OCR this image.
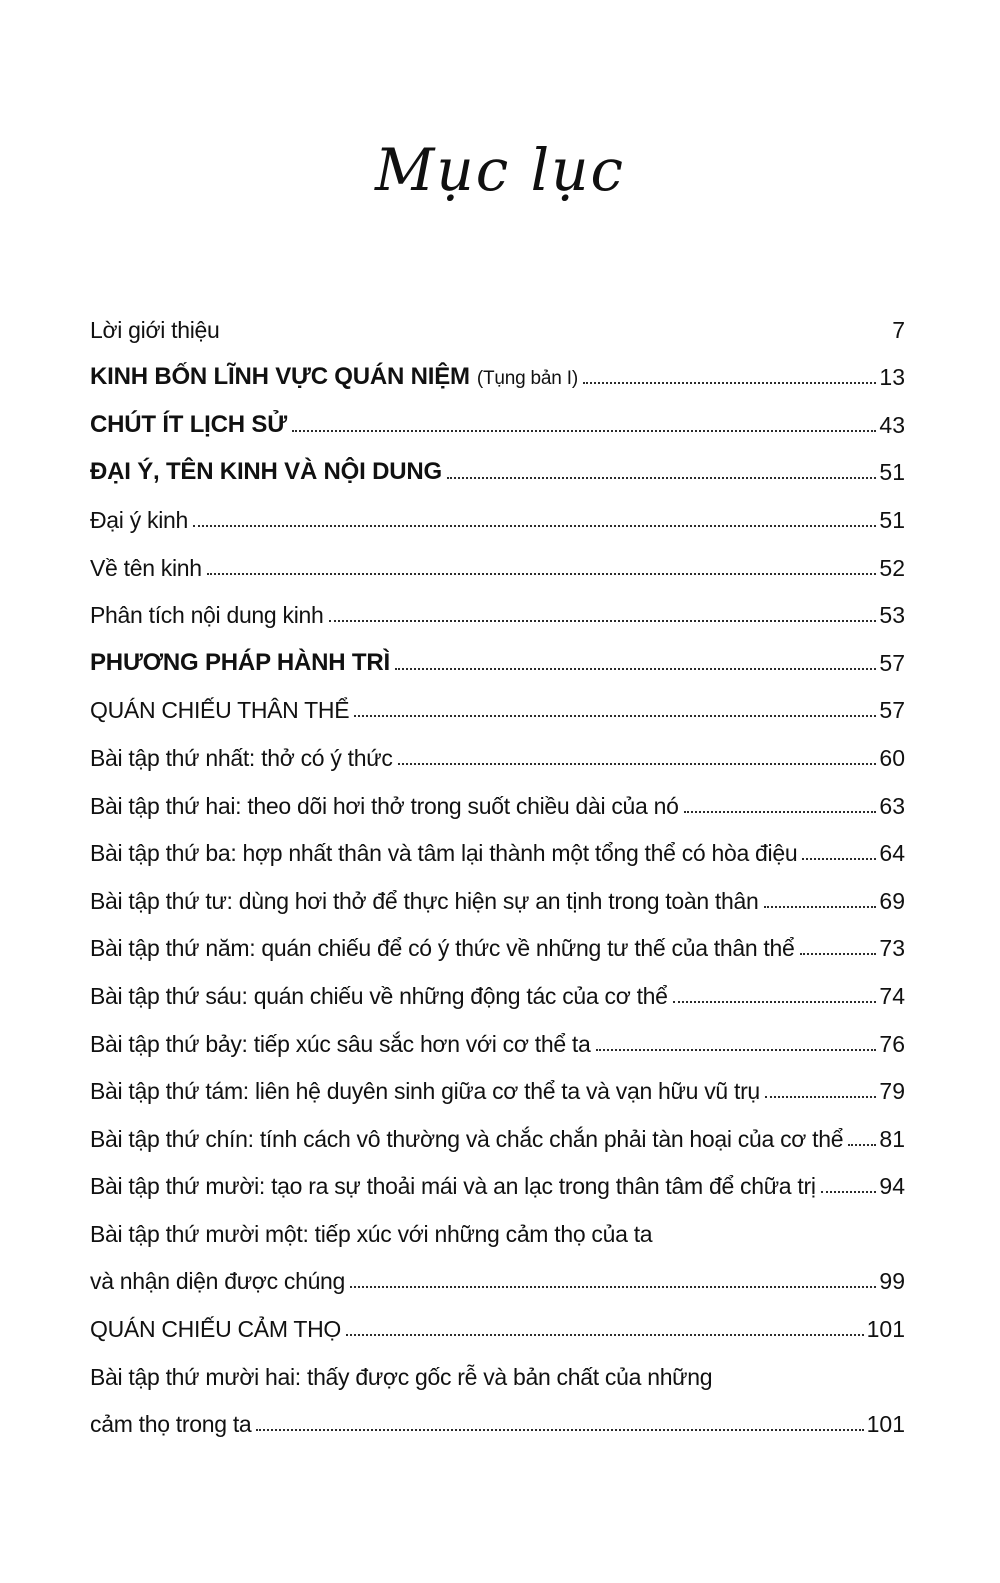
Mục lục
Lời giới thiệu	7
KINH BỐN LĨNH VỰC QUÁN NIỆM (Tụng bản I)	13
CHÚT ÍT LỊCH SỬ	43
ĐẠI Ý, TÊN KINH VÀ NỘI DUNG	51
Đại ý kinh	51
Về tên kinh	52
Phân tích nội dung kinh	53
PHƯƠNG PHÁP HÀNH TRÌ	57
QUÁN CHIẾU THÂN THỂ	57
Bài tập thứ nhất: thở có ý thức	60
Bài tập thứ hai: theo dõi hơi thở trong suốt chiều dài của nó	63
Bài tập thứ ba: hợp nhất thân và tâm lại thành một tổng thể có hòa điệu	64
Bài tập thứ tư: dùng hơi thở để thực hiện sự an tịnh trong toàn thân	69
Bài tập thứ năm: quán chiếu để có ý thức về những tư thế của thân thể	73
Bài tập thứ sáu: quán chiếu về những động tác của cơ thể	74
Bài tập thứ bảy: tiếp xúc sâu sắc hơn với cơ thể ta	76
Bài tập thứ tám: liên hệ duyên sinh giữa cơ thể ta và vạn hữu vũ trụ	79
Bài tập thứ chín: tính cách vô thường và chắc chắn phải tàn hoại của cơ thể 81
Bài tập thứ mười: tạo ra sự thoải mái và an lạc trong thân tâm để chữa trị	94
Bài tập thứ mười một: tiếp xúc với những cảm thọ của ta
và nhận diện được chúng	99
QUÁN CHIẾU CẢM THỌ	101
Bài tập thứ mười hai: thấy được gốc rễ và bản chất của những
cảm thọ trong ta	101
